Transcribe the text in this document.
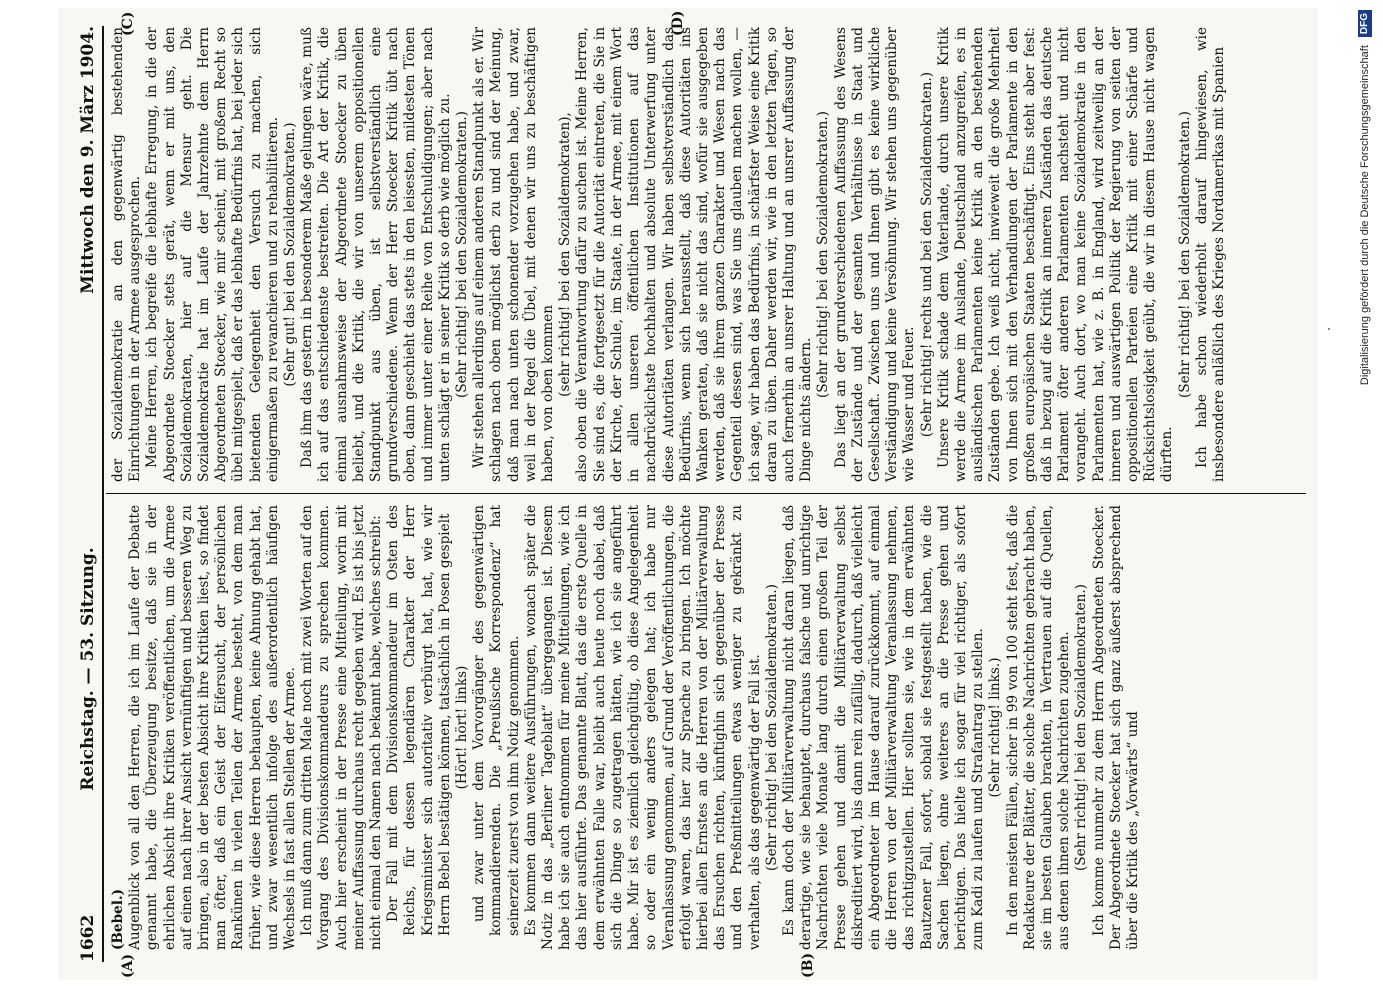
1662
Reichstag. — 53. Sitzung.
Mittwoch den 9. März 1904.
(A)	(B)
(C)	(D)

(Bebel.) Augenblick von all den Herren, die ich im Laufe der Debatte genannt habe, die Überzeugung besitze, daß sie in der ehrlichen Absicht ihre Kritiken veröffentlichen, um die Armee auf einen nach ihrer Ansicht vernünftigen und besseren Weg zu bringen, also in der besten Absicht ihre Kritiken liest, so findet man öfter, daß ein Geist der Eifersucht, der persönlichen Rankünen in vielen Teilen der Armee besteht, von dem man früher, wie diese Herren behaupten, keine Ahnung gehabt hat, und zwar wesentlich infolge des außerordentlich häufigen Wechsels in fast allen Stellen der Armee. Ich muß dann zum dritten Male noch mit zwei Worten auf den Vorgang des Divisionskommandeurs zu sprechen kommen. Auch hier erscheint in der Presse eine Mitteilung, worin mit meiner Auffassung durchaus recht gegeben wird. Es ist bis jetzt nicht einmal den Namen nach bekannt habe, welches schreibt: Der Fall mit dem Divisionskommandeur im Osten des Reichs, für dessen legendären Charakter der Herr Kriegsminister sich autoritativ verbürgt hat, hat, wie wir Herrn Bebel bestätigen können, tatsächlich in Posen gespielt (Hört! hört! links) und zwar unter dem Vorvorgänger des gegenwärtigen kommandierenden. Die „Preußische Korrespondenz“ hat seinerzeit zuerst von ihm Notiz genommen. Es kommen dann weitere Ausführungen, wonach später die Notiz in das „Berliner Tageblatt“ übergegangen ist. Diesem habe ich sie auch entnommen für meine Mitteilungen, wie ich das hier ausführte. Das genannte Blatt, das die erste Quelle in dem erwähnten Falle war, bleibt auch heute noch dabei, daß sich die Dinge so zugetragen hätten, wie ich sie angeführt habe. Mir ist es ziemlich gleichgültig, ob diese Angelegenheit so oder ein wenig anders gelegen hat; ich habe nur Veranlassung genommen, auf Grund der Veröffentlichungen, die erfolgt waren, das hier zur Sprache zu bringen. Ich möchte hierbei allen Ernstes an die Herren von der Militärverwaltung das Ersuchen richten, künftighin sich gegenüber der Presse und den Preßmitteilungen etwas weniger zu gekränkt zu verhalten, als das gegenwärtig der Fall ist. (Sehr richtig! bei den Sozialdemokraten.) Es kann doch der Militärverwaltung nicht daran liegen, daß derartige, wie sie behauptet, durchaus falsche und unrichtige Nachrichten viele Monate lang durch einen großen Teil der Presse gehen und damit die Militärverwaltung selbst diskreditiert wird, bis dann rein zufällig, dadurch, daß vielleicht ein Abgeordneter im Hause darauf zurückkommt, auf einmal die Herren von der Militärverwaltung Veranlassung nehmen, das richtigzustellen. Hier sollten sie, wie in dem erwähnten Bautzener Fall, sofort, sobald sie festgestellt haben, wie die Sachen liegen, ohne weiteres an die Presse gehen und berichtigen. Das hielte ich sogar für viel richtiger, als sofort zum Kadi zu laufen und Strafantrag zu stellen. (Sehr richtig! links.) In den meisten Fällen, sicher in 99 von 100 steht fest, daß die Redakteure der Blätter, die solche Nachrichten gebracht haben, sie im besten Glauben brachten, in Vertrauen auf die Quellen, aus denen ihnen solche Nachrichten zugehen. (Sehr richtig! bei den Sozialdemokraten.) Ich komme nunmehr zu dem Herrn Abgeordneten Stoecker. Der Abgeordnete Stoecker hat sich ganz äußerst absprechend über die Kritik des „Vorwärts“ und

der Sozialdemokratie an den gegenwärtig bestehenden Einrichtungen in der Armee ausgesprochen. Meine Herren, ich begreife die lebhafte Erregung, in die der Abgeordnete Stoecker stets gerät, wenn er mit uns, den Sozialdemokraten, hier auf die Mensur geht. Die Sozialdemokratie hat im Laufe der Jahrzehnte dem Herrn Abgeordneten Stoecker, wie mir scheint, mit großem Recht so übel mitgespielt, daß er das lebhafte Bedürfnis hat, bei jeder sich bietenden Gelegenheit den Versuch zu machen, sich einigermaßen zu revanchieren und zu rehabilitieren. (Sehr gut! bei den Sozialdemokraten.) Daß ihm das gestern in besonderem Maße gelungen wäre, muß ich auf das entschiedenste bestreiten. Die Art der Kritik, die einmal ausnahmsweise der Abgeordnete Stoecker zu üben beliebt, und die Kritik, die wir von unserem oppositionellen Standpunkt aus üben, ist selbstverständlich eine grundverschiedene. Wenn der Herr Stoecker Kritik übt nach oben, dann geschieht das stets in den leisesten, mildesten Tönen und immer unter einer Reihe von Entschuldigungen; aber nach unten schlägt er in seiner Kritik so derb wie möglich zu. (Sehr richtig! bei den Sozialdemokraten.) Wir stehen allerdings auf einem anderen Standpunkt als er. Wir schlagen nach oben möglichst derb zu und sind der Meinung, daß man nach unten schonender vorzugehen habe, und zwar, weil in der Regel die Übel, mit denen wir uns zu beschäftigen haben, von oben kommen (sehr richtig! bei den Sozialdemokraten), also oben die Verantwortung dafür zu suchen ist. Meine Herren, Sie sind es, die fortgesetzt für die Autorität eintreten, die Sie in der Kirche, der Schule, im Staate, in der Armee, mit einem Wort in allen unseren öffentlichen Institutionen auf das nachdrücklichste hochhalten und absolute Unterwerfung unter diese Autoritäten verlangen. Wir haben selbstverständlich das Bedürfnis, wenn sich herausstellt, daß diese Autoritäten ins Wanken geraten, daß sie nicht das sind, wofür sie ausgegeben werden, daß sie ihrem ganzen Charakter und Wesen nach das Gegenteil dessen sind, was Sie uns glauben machen wollen, — ich sage, wir haben das Bedürfnis, in schärfster Weise eine Kritik daran zu üben. Daher werden wir, wie in den letzten Tagen, so auch fernerhin an unsrer Haltung und an unsrer Auffassung der Dinge nichts ändern.

(Sehr richtig! bei den Sozialdemokraten.) Das liegt an der grundverschiedenen Auffassung des Wesens der Zustände und der gesamten Verhältnisse in Staat und Gesellschaft. Zwischen uns und Ihnen gibt es keine wirkliche Verständigung und keine Versöhnung. Wir stehen uns gegenüber wie Wasser und Feuer. (Sehr richtig! rechts und bei den Sozialdemokraten.) Unsere Kritik schade dem Vaterlande, durch unsere Kritik werde die Armee im Auslande, Deutschland anzugreifen, es in ausländischen Parlamenten keine Kritik an den bestehenden Zuständen gebe. Ich weiß nicht, inwieweit die große Mehrheit von Ihnen sich mit den Verhandlungen der Parlamente in den großen europäischen Staaten beschäftigt. Eins steht aber fest: daß in bezug auf die Kritik an inneren Zuständen das deutsche Parlament öfter anderen Parlamenten nachsteht und nicht vorangeht. Auch dort, wo man keine Sozialdemokratie in den Parlamenten hat, wie z. B. in England, wird zeitweilig an der inneren und auswärtigen Politik der Regierung von seiten der oppositionellen Parteien eine Kritik mit einer Schärfe und Rücksichtslosigkeit geübt, die wir in diesem Hause nicht wagen dürften.

(Sehr richtig! bei den Sozialdemokraten.) Ich habe schon wiederholt darauf hingewiesen, wie insbesondere anläßlich des Krieges Nordamerikas mit Spanien	Digitalisierung gefördert durch die Deutsche ForschungsgemeinschaftDFG
